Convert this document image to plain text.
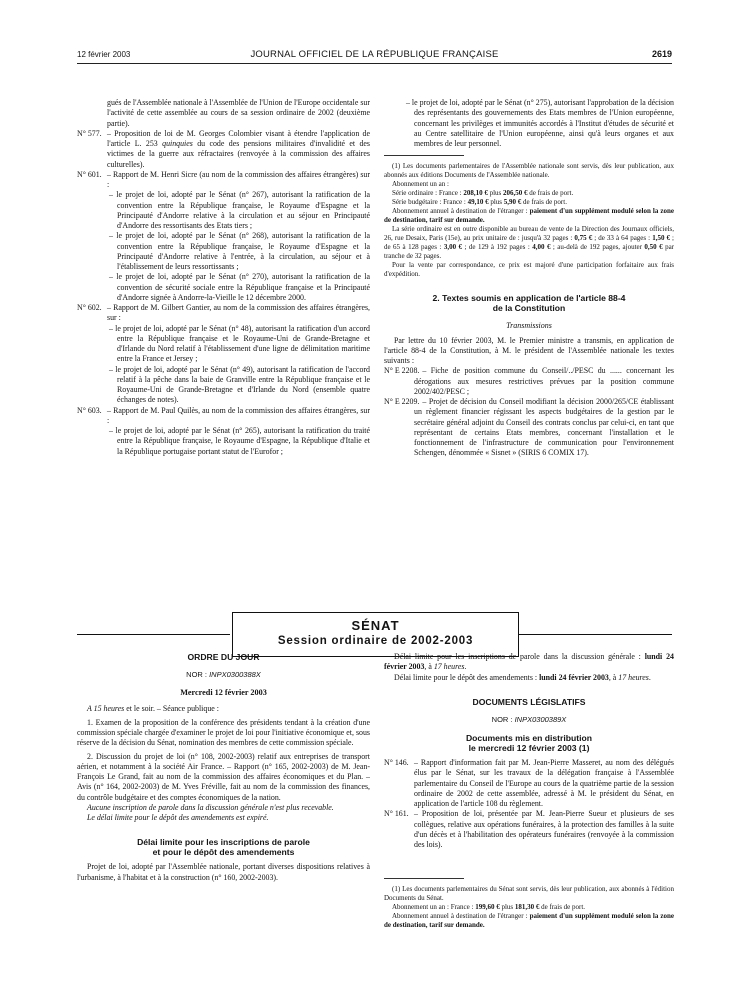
12 février 2003	JOURNAL OFFICIEL DE LA RÉPUBLIQUE FRANÇAISE	2619

gués de l'Assemblée nationale à l'Assemblée de l'Union de l'Europe occidentale sur l'activité de cette assemblée au cours de sa session ordinaire de 2002 (deuxième partie).

N° 577. – Proposition de loi de M. Georges Colombier visant à étendre l'application de l'article L. 253 quinquies du code des pensions militaires d'invalidité et des victimes de la guerre aux réfractaires (renvoyée à la commission des affaires culturelles).

N° 601. – Rapport de M. Henri Sicre (au nom de la commission des affaires étrangères) sur :

– le projet de loi, adopté par le Sénat (n° 267), autorisant la ratification de la convention entre la République française, le Royaume d'Espagne et la Principauté d'Andorre relative à la circulation et au séjour en Principauté d'Andorre des ressortisants des Etats tiers ;

– le projet de loi, adopté par le Sénat (n° 268), autorisant la ratification de la convention entre la République française, le Royaume d'Espagne et la Principauté d'Andorre relative à l'entrée, à la circulation, au séjour et à l'établissement de leurs ressortissants ;

– le projet de loi, adopté par le Sénat (n° 270), autorisant la ratification de la convention de sécurité sociale entre la République française et la Principauté d'Andorre signée à Andorre-la-Vieille le 12 décembre 2000.

N° 602. – Rapport de M. Gilbert Gantier, au nom de la commission des affaires étrangères, sur :

– le projet de loi, adopté par le Sénat (n° 48), autorisant la ratification d'un accord entre la République française et le Royaume-Uni de Grande-Bretagne et d'Irlande du Nord relatif à l'établissement d'une ligne de délimitation maritime entre la France et Jersey ;

– le projet de loi, adopté par le Sénat (n° 49), autorisant la ratification de l'accord relatif à la pêche dans la baie de Granville entre la République française et le Royaume-Uni de Grande-Bretagne et d'Irlande du Nord (ensemble quatre échanges de notes).

N° 603. – Rapport de M. Paul Quilès, au nom de la commission des affaires étrangères, sur :

– le projet de loi, adopté par le Sénat (n° 265), autorisant la ratification du traité entre la République française, le Royaume d'Espagne, la République d'Italie et la République portugaise portant statut de l'Eurofor ;

– le projet de loi, adopté par le Sénat (n° 275), autorisant l'approbation de la décision des représentants des gouvernements des Etats membres de l'Union européenne, concernant les privilèges et immunités accordés à l'Institut d'études de sécurité et au Centre satellitaire de l'Union européenne, ainsi qu'à leurs organes et aux membres de leur personnel.

(1) Les documents parlementaires de l'Assemblée nationale sont servis, dès leur publication, aux abonnés aux éditions Documents de l'Assemblée nationale.

Abonnement un an :

Série ordinaire : France : 208,10 € plus 206,50 € de frais de port.

Série budgétaire : France : 49,10 € plus 5,90 € de frais de port.

Abonnement annuel à destination de l'étranger : paiement d'un supplément modulé selon la zone de destination, tarif sur demande.

La série ordinaire est en outre disponible au bureau de vente de la Direction des Journaux officiels, 26, rue Desaix, Paris (15e), au prix unitaire de : jusqu'à 32 pages : 0,75 € ; de 33 à 64 pages : 1,50 € ; de 65 à 128 pages : 3,00 € ; de 129 à 192 pages : 4,00 € ; au-delà de 192 pages, ajouter 0,50 € par tranche de 32 pages.

Pour la vente par correspondance, ce prix est majoré d'une participation forfaitaire aux frais d'expédition.

2. Textes soumis en application de l'article 88-4

de la Constitution

Transmissions

Par lettre du 10 février 2003, M. le Premier ministre a transmis, en application de l'article 88-4 de la Constitution, à M. le président de l'Assemblée nationale les textes suivants :

N° E 2208. – Fiche de position commune du Conseil/../PESC du ...... concernant les dérogations aux mesures restrictives prévues par la position commune 2002/402/PESC ;

N° E 2209. – Projet de décision du Conseil modifiant la décision 2000/265/CE établissant un règlement financier régissant les aspects budgétaires de la gestion par le secrétaire général adjoint du Conseil des contrats conclus par celui-ci, en tant que représentant de certains Etats membres, concernant l'installation et le fonctionnement de l'infrastructure de communication pour l'environnement Schengen, dénommée « Sisnet » (SIRIS 6 COMIX 17).

SÉNAT
Session ordinaire de 2002-2003

ORDRE DU JOUR

NOR : INPX0300388X

Mercredi 12 février 2003

A 15 heures et le soir. – Séance publique :

1. Examen de la proposition de la conférence des présidents tendant à la création d'une commission spéciale chargée d'examiner le projet de loi pour l'initiative économique et, sous réserve de la décision du Sénat, nomination des membres de cette commission spéciale.

2. Discussion du projet de loi (n° 108, 2002-2003) relatif aux entreprises de transport aérien, et notamment à la société Air France. – Rapport (n° 165, 2002-2003) de M. Jean-François Le Grand, fait au nom de la commission des affaires économiques et du Plan. – Avis (n° 164, 2002-2003) de M. Yves Fréville, fait au nom de la commission des finances, du contrôle budgétaire et des comptes économiques de la nation.

Aucune inscription de parole dans la discussion générale n'est plus recevable.

Le délai limite pour le dépôt des amendements est expiré.

Délai limite pour les inscriptions de parole

et pour le dépôt des amendements

Projet de loi, adopté par l'Assemblée nationale, portant diverses dispositions relatives à l'urbanisme, à l'habitat et à la construction (n° 160, 2002-2003).

Délai limite pour les inscriptions de parole dans la discussion générale : lundi 24 février 2003, à 17 heures.

Délai limite pour le dépôt des amendements : lundi 24 février 2003, à 17 heures.

DOCUMENTS LÉGISLATIFS

NOR : INPX0300389X

Documents mis en distribution

le mercredi 12 février 2003 (1)

N° 146. – Rapport d'information fait par M. Jean-Pierre Masseret, au nom des délégués élus par le Sénat, sur les travaux de la délégation française à l'Assemblée parlementaire du Conseil de l'Europe au cours de la quatrième partie de la session ordinaire de 2002 de cette assemblée, adressé à M. le président du Sénat, en application de l'article 108 du règlement.

N° 161. – Proposition de loi, présentée par M. Jean-Pierre Sueur et plusieurs de ses collègues, relative aux opérations funéraires, à la protection des familles à la suite d'un décès et à l'habilitation des opérateurs funéraires (renvoyée à la commission des lois).

(1) Les documents parlementaires du Sénat sont servis, dès leur publication, aux abonnés à l'édition Documents du Sénat.

Abonnement un an : France : 199,60 € plus 181,30 € de frais de port.

Abonnement annuel à destination de l'étranger : paiement d'un supplément modulé selon la zone de destination, tarif sur demande.
